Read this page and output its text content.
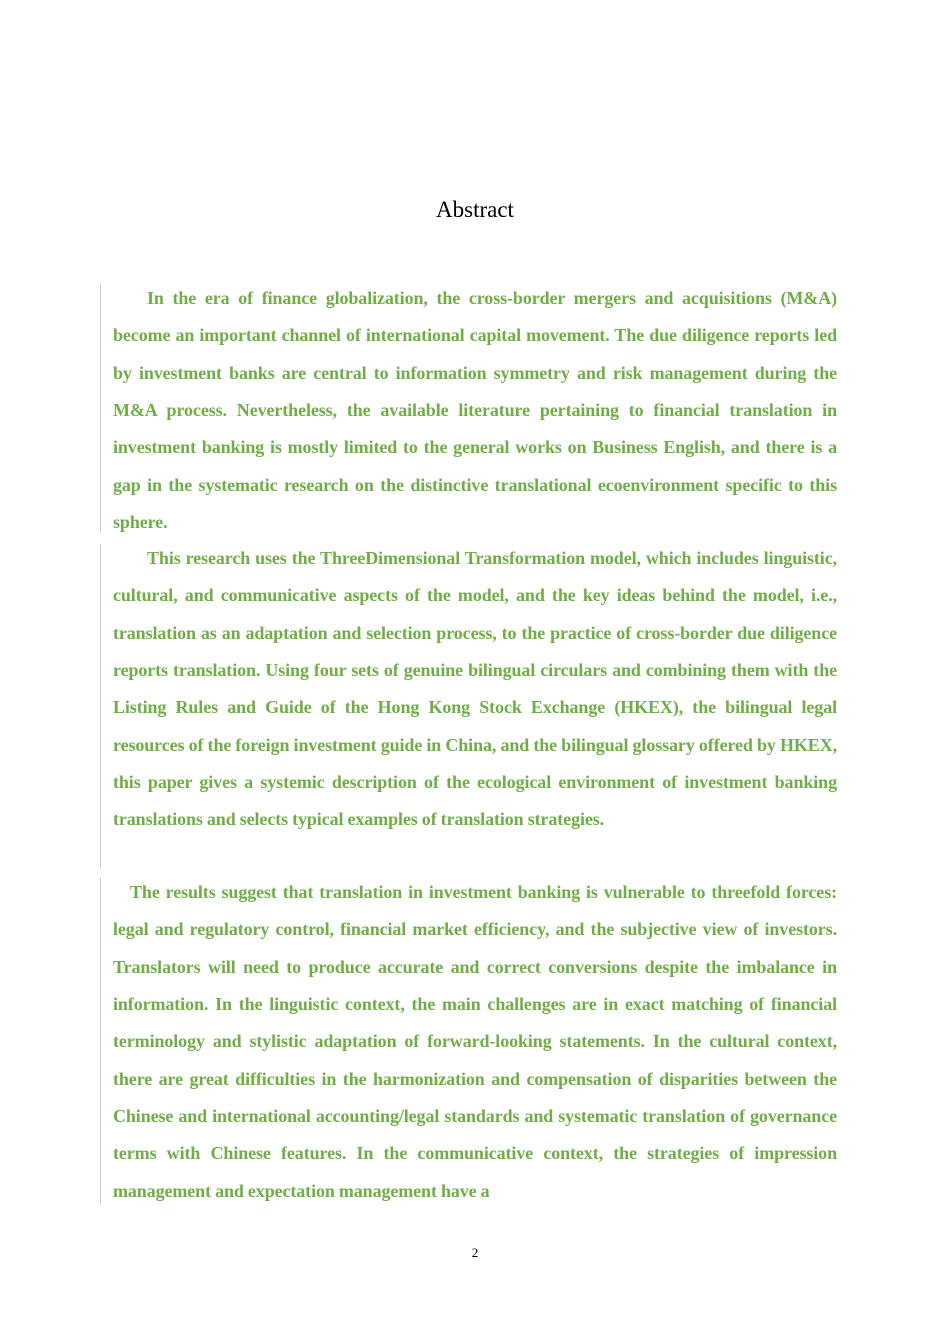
Abstract

In the era of finance globalization, the cross-border mergers and acquisitions (M&A) become an important channel of international capital movement. The due diligence reports led by investment banks are central to information symmetry and risk management during the M&A process. Nevertheless, the available literature pertaining to financial translation in investment banking is mostly limited to the general works on Business English, and there is a gap in the systematic research on the distinctive translational ecoenvironment specific to this sphere.

This research uses the ThreeDimensional Transformation model, which includes linguistic, cultural, and communicative aspects of the model, and the key ideas behind the model, i.e., translation as an adaptation and selection process, to the practice of cross-border due diligence reports translation. Using four sets of genuine bilingual circulars and combining them with the Listing Rules and Guide of the Hong Kong Stock Exchange (HKEX), the bilingual legal resources of the foreign investment guide in China, and the bilingual glossary offered by HKEX, this paper gives a systemic description of the ecological environment of investment banking translations and selects typical examples of translation strategies.

The results suggest that translation in investment banking is vulnerable to threefold forces: legal and regulatory control, financial market efficiency, and the subjective view of investors. Translators will need to produce accurate and correct conversions despite the imbalance in information. In the linguistic context, the main challenges are in exact matching of financial terminology and stylistic adaptation of forward-looking statements. In the cultural context, there are great difficulties in the harmonization and compensation of disparities between the Chinese and international accounting/legal standards and systematic translation of governance terms with Chinese features. In the communicative context, the strategies of impression management and expectation management have a

2
